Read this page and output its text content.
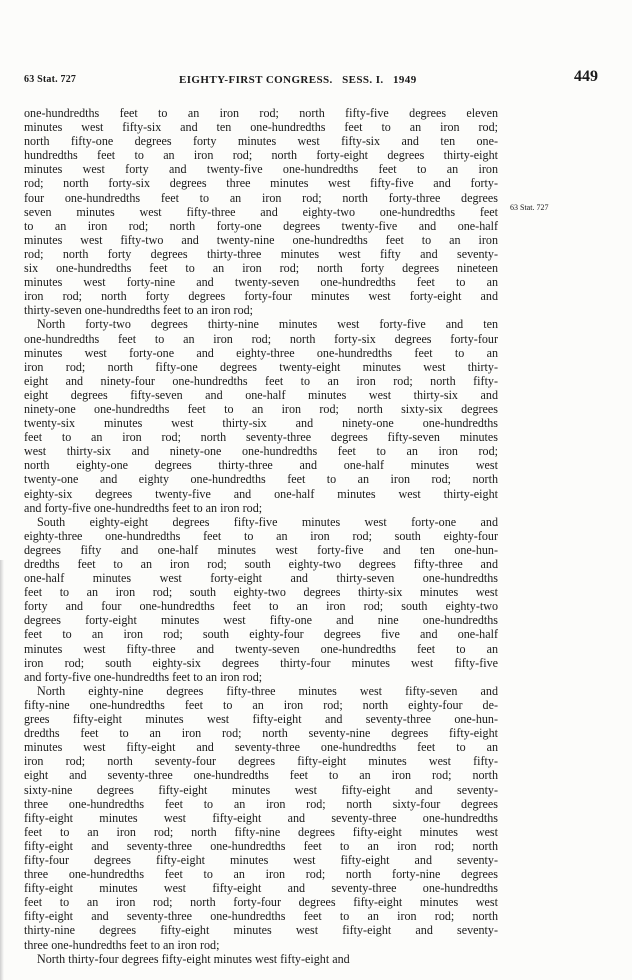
63 Stat. 727	EIGHTY-FIRST CONGRESS.   SESS. I.   1949	449
63 Stat. 727
one-hundredths feet to an iron rod; north fifty-five degrees eleven
minutes west fifty-six and ten one-hundredths feet to an iron rod;
north fifty-one degrees forty minutes west fifty-six and ten one-
hundredths feet to an iron rod; north forty-eight degrees thirty-eight
minutes west forty and twenty-five one-hundredths feet to an iron
rod; north forty-six degrees three minutes west fifty-five and forty-
four one-hundredths feet to an iron rod; north forty-three degrees
seven minutes west fifty-three and eighty-two one-hundredths feet
to an iron rod; north forty-one degrees twenty-five and one-half
minutes west fifty-two and twenty-nine one-hundredths feet to an iron
rod; north forty degrees thirty-three minutes west fifty and seventy-
six one-hundredths feet to an iron rod; north forty degrees nineteen
minutes west forty-nine and twenty-seven one-hundredths feet to an
iron rod; north forty degrees forty-four minutes west forty-eight and
thirty-seven one-hundredths feet to an iron rod;
North forty-two degrees thirty-nine minutes west forty-five and ten
one-hundredths feet to an iron rod; north forty-six degrees forty-four
minutes west forty-one and eighty-three one-hundredths feet to an
iron rod; north fifty-one degrees twenty-eight minutes west thirty-
eight and ninety-four one-hundredths feet to an iron rod; north fifty-
eight degrees fifty-seven and one-half minutes west thirty-six and
ninety-one one-hundredths feet to an iron rod; north sixty-six degrees
twenty-six minutes west thirty-six and ninety-one one-hundredths
feet to an iron rod; north seventy-three degrees fifty-seven minutes
west thirty-six and ninety-one one-hundredths feet to an iron rod;
north eighty-one degrees thirty-three and one-half minutes west
twenty-one and eighty one-hundredths feet to an iron rod; north
eighty-six degrees twenty-five and one-half minutes west thirty-eight
and forty-five one-hundredths feet to an iron rod;
South eighty-eight degrees fifty-five minutes west forty-one and
eighty-three one-hundredths feet to an iron rod; south eighty-four
degrees fifty and one-half minutes west forty-five and ten one-hun-
dredths feet to an iron rod; south eighty-two degrees fifty-three and
one-half minutes west forty-eight and thirty-seven one-hundredths
feet to an iron rod; south eighty-two degrees thirty-six minutes west
forty and four one-hundredths feet to an iron rod; south eighty-two
degrees forty-eight minutes west fifty-one and nine one-hundredths
feet to an iron rod; south eighty-four degrees five and one-half
minutes west fifty-three and twenty-seven one-hundredths feet to an
iron rod; south eighty-six degrees thirty-four minutes west fifty-five
and forty-five one-hundredths feet to an iron rod;
North eighty-nine degrees fifty-three minutes west fifty-seven and
fifty-nine one-hundredths feet to an iron rod; north eighty-four de-
grees fifty-eight minutes west fifty-eight and seventy-three one-hun-
dredths feet to an iron rod; north seventy-nine degrees fifty-eight
minutes west fifty-eight and seventy-three one-hundredths feet to an
iron rod; north seventy-four degrees fifty-eight minutes west fifty-
eight and seventy-three one-hundredths feet to an iron rod; north
sixty-nine degrees fifty-eight minutes west fifty-eight and seventy-
three one-hundredths feet to an iron rod; north sixty-four degrees
fifty-eight minutes west fifty-eight and seventy-three one-hundredths
feet to an iron rod; north fifty-nine degrees fifty-eight minutes west
fifty-eight and seventy-three one-hundredths feet to an iron rod; north
fifty-four degrees fifty-eight minutes west fifty-eight and seventy-
three one-hundredths feet to an iron rod; north forty-nine degrees
fifty-eight minutes west fifty-eight and seventy-three one-hundredths
feet to an iron rod; north forty-four degrees fifty-eight minutes west
fifty-eight and seventy-three one-hundredths feet to an iron rod; north
thirty-nine degrees fifty-eight minutes west fifty-eight and seventy-
three one-hundredths feet to an iron rod;
North thirty-four degrees fifty-eight minutes west fifty-eight and
